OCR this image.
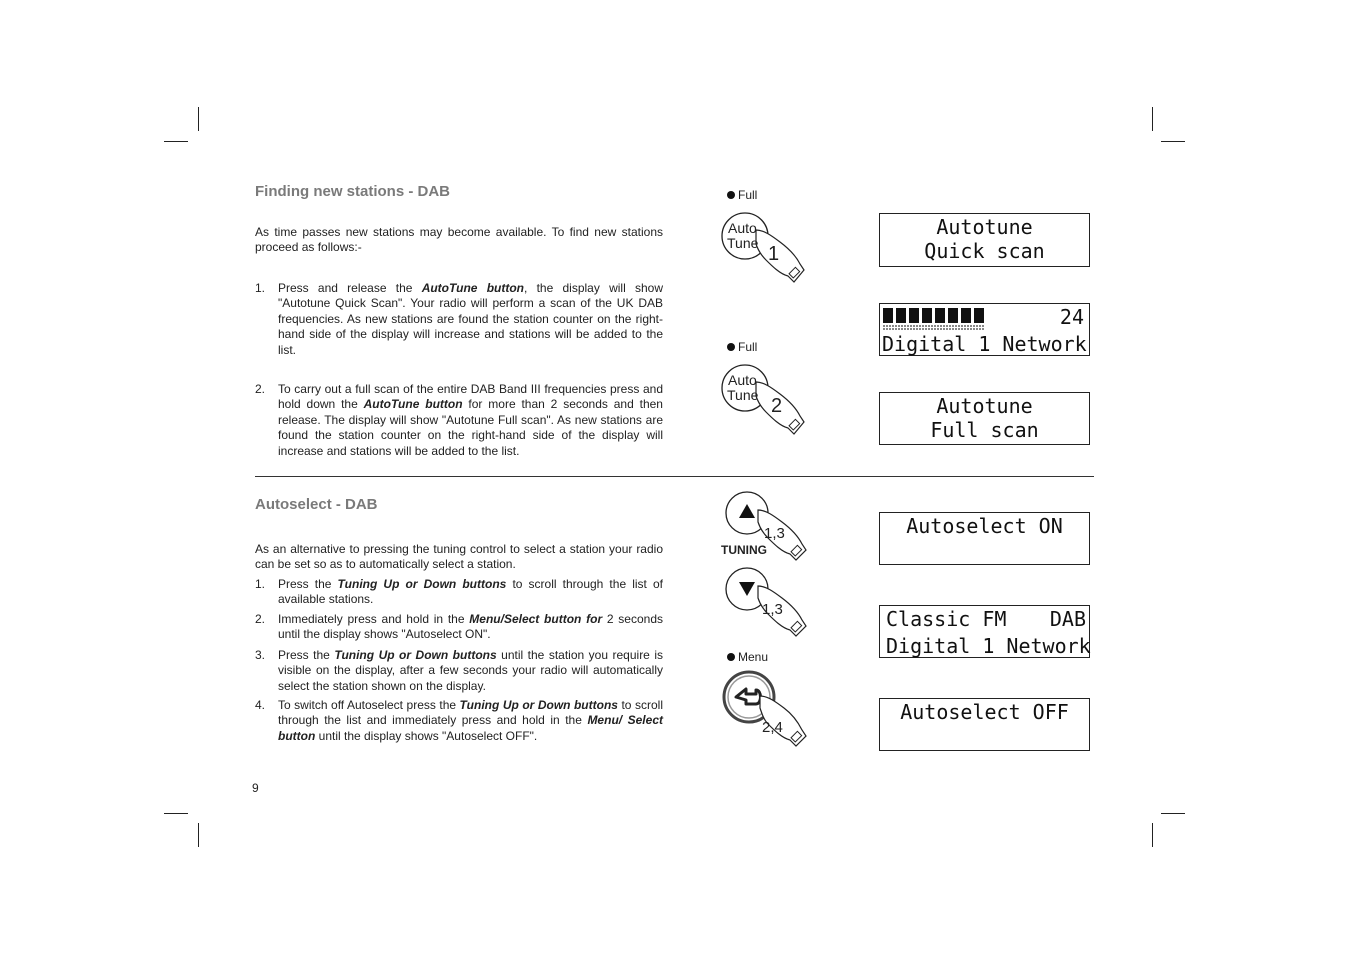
Finding new stations - DAB

As time passes new stations may become available. To find new stations proceed as follows:-

1. Press and release the AutoTune button, the display will show "Autotune Quick Scan". Your radio will perform a scan of the UK DAB frequencies. As new stations are found the station counter on the right-hand side of the display will increase and stations will be added to the list.
2. To carry out a full scan of the entire DAB Band III frequencies press and hold down the AutoTune button for more than 2 seconds and then release. The display will show "Autotune Full scan". As new stations are found the station counter on the right-hand side of the display will increase and stations will be added to the list.
Autoselect - DAB

As an alternative to pressing the tuning control to select a station your radio can be set so as to automatically select a station.

1. Press the Tuning Up or Down buttons to scroll through the list of available stations.
2. Immediately press and hold in the Menu/Select button for 2 seconds until the display shows "Autoselect ON".
3. Press the Tuning Up or Down buttons until the station you require is visible on the display, after a few seconds your radio will automatically select the station shown on the display.
4. To switch off Autoselect press the Tuning Up or Down buttons to scroll through the list and immediately press and hold in the Menu/ Select button until the display shows "Autoselect OFF".
9
Full
Auto
Tune 1
Full
Auto
Tune 2
1,3
TUNING
1,3
Menu
2,4
Autotune
Quick scan
24
Digital 1 Network
Autotune
Full scan
Autoselect ON
Classic FM	DAB
Digital 1 Network
Autoselect OFF
